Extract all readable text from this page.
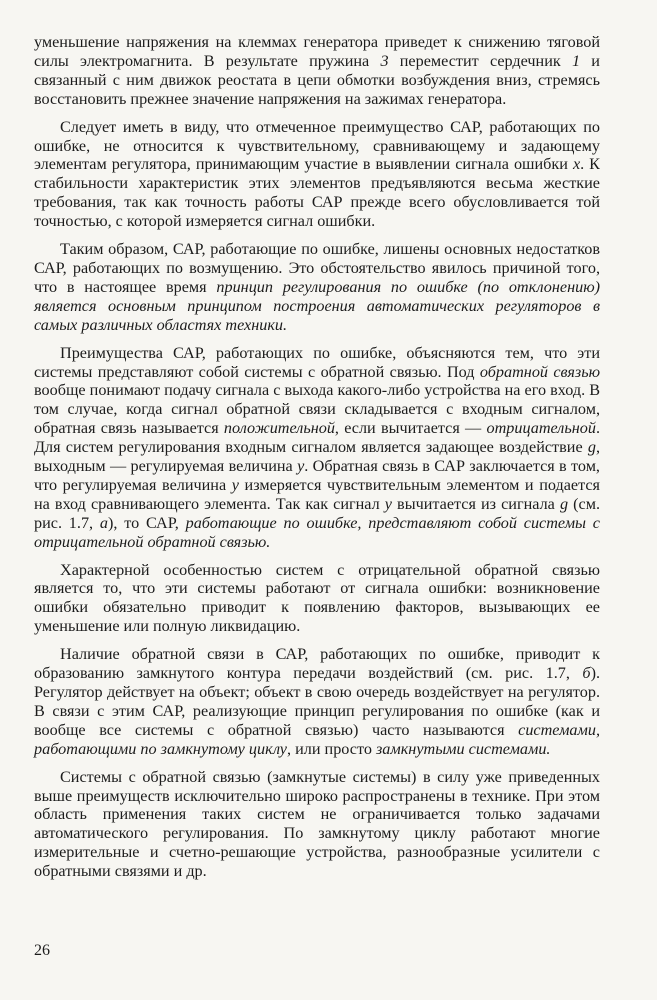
уменьшение напряжения на клеммах генератора приведет к снижению тяговой силы электромагнита. В результате пружина 3 переместит сердечник 1 и связанный с ним движок реостата в цепи обмотки возбуждения вниз, стремясь восстановить прежнее значение напряжения на зажимах генератора.

Следует иметь в виду, что отмеченное преимущество САР, работающих по ошибке, не относится к чувствительному, сравнивающему и задающему элементам регулятора, принимающим участие в выявлении сигнала ошибки x. К стабильности характеристик этих элементов предъявляются весьма жесткие требования, так как точность работы САР прежде всего обусловливается той точностью, с которой измеряется сигнал ошибки.

Таким образом, САР, работающие по ошибке, лишены основных недостатков САР, работающих по возмущению. Это обстоятельство явилось причиной того, что в настоящее время принцип регулирования по ошибке (по отклонению) является основным принципом построения автоматических регуляторов в самых различных областях техники.

Преимущества САР, работающих по ошибке, объясняются тем, что эти системы представляют собой системы с обратной связью. Под обратной связью вообще понимают подачу сигнала с выхода какого-либо устройства на его вход. В том случае, когда сигнал обратной связи складывается с входным сигналом, обратная связь называется положительной, если вычитается — отрицательной. Для систем регулирования входным сигналом является задающее воздействие g, выходным — регулируемая величина y. Обратная связь в САР заключается в том, что регулируемая величина y измеряется чувствительным элементом и подается на вход сравнивающего элемента. Так как сигнал y вычитается из сигнала g (см. рис. 1.7, а), то САР, работающие по ошибке, представляют собой системы с отрицательной обратной связью.

Характерной особенностью систем с отрицательной обратной связью является то, что эти системы работают от сигнала ошибки: возникновение ошибки обязательно приводит к появлению факторов, вызывающих ее уменьшение или полную ликвидацию.

Наличие обратной связи в САР, работающих по ошибке, приводит к образованию замкнутого контура передачи воздействий (см. рис. 1.7, б). Регулятор действует на объект; объект в свою очередь воздействует на регулятор. В связи с этим САР, реализующие принцип регулирования по ошибке (как и вообще все системы с обратной связью) часто называются системами, работающими по замкнутому циклу, или просто замкнутыми системами.

Системы с обратной связью (замкнутые системы) в силу уже приведенных выше преимуществ исключительно широко распространены в технике. При этом область применения таких систем не ограничивается только задачами автоматического регулирования. По замкнутому циклу работают многие измерительные и счетно-решающие устройства, разнообразные усилители с обратными связями и др.

26
